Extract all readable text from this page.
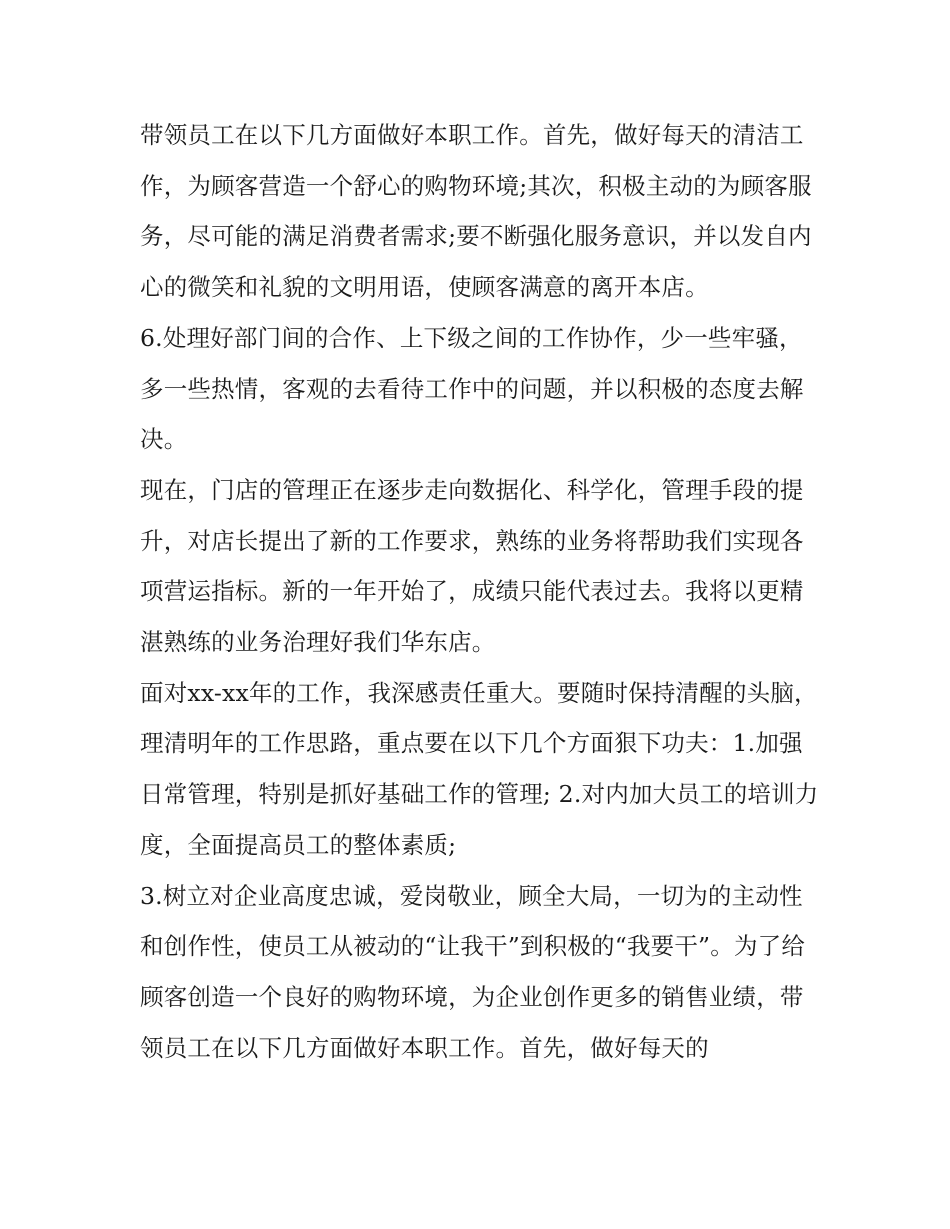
带领员工在以下几方面做好本职工作。首先，做好每天的清洁工作，为顾客营造一个舒心的购物环境;其次，积极主动的为顾客服务，尽可能的满足消费者需求;要不断强化服务意识，并以发自内心的微笑和礼貌的文明用语，使顾客满意的离开本店。

6.处理好部门间的合作、上下级之间的工作协作，少一些牢骚，多一些热情，客观的去看待工作中的问题，并以积极的态度去解决。

现在，门店的管理正在逐步走向数据化、科学化，管理手段的提升，对店长提出了新的工作要求，熟练的业务将帮助我们实现各项营运指标。新的一年开始了，成绩只能代表过去。我将以更精湛熟练的业务治理好我们华东店。

面对xx-xx年的工作，我深感责任重大。要随时保持清醒的头脑，理清明年的工作思路，重点要在以下几个方面狠下功夫：1.加强日常管理，特别是抓好基础工作的管理; 2.对内加大员工的培训力度，全面提高员工的整体素质;

3.树立对企业高度忠诚，爱岗敬业，顾全大局，一切为的主动性和创作性，使员工从被动的“让我干”到积极的“我要干”。为了给顾客创造一个良好的购物环境，为企业创作更多的销售业绩，带领员工在以下几方面做好本职工作。首先，做好每天的
